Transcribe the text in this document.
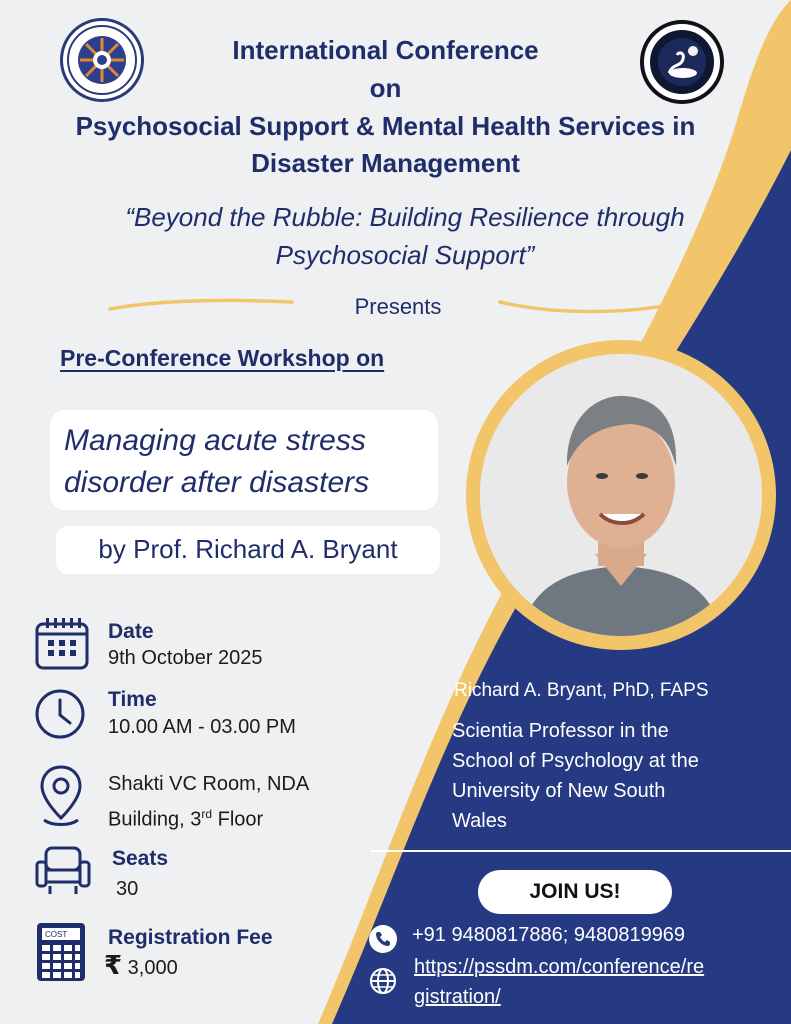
International Conference
on
Psychosocial Support & Mental Health Services in
Disaster Management
“Beyond the Rubble: Building Resilience through
Psychosocial Support”
Presents
Pre-Conference Workshop on
Managing acute stress
disorder after disasters
by Prof. Richard A. Bryant
Date
9th October 2025
Time
10.00 AM - 03.00 PM
Shakti VC Room, NDA
Building, 3rd Floor
Seats
30
COST Registration Fee
₹ 3,000
Richard A. Bryant, PhD, FAPS
Scientia Professor in the
School of Psychology at the
University of New South
Wales
JOIN US!
+91 9480817886; 9480819969
https://pssdm.com/conference/re
gistration/
